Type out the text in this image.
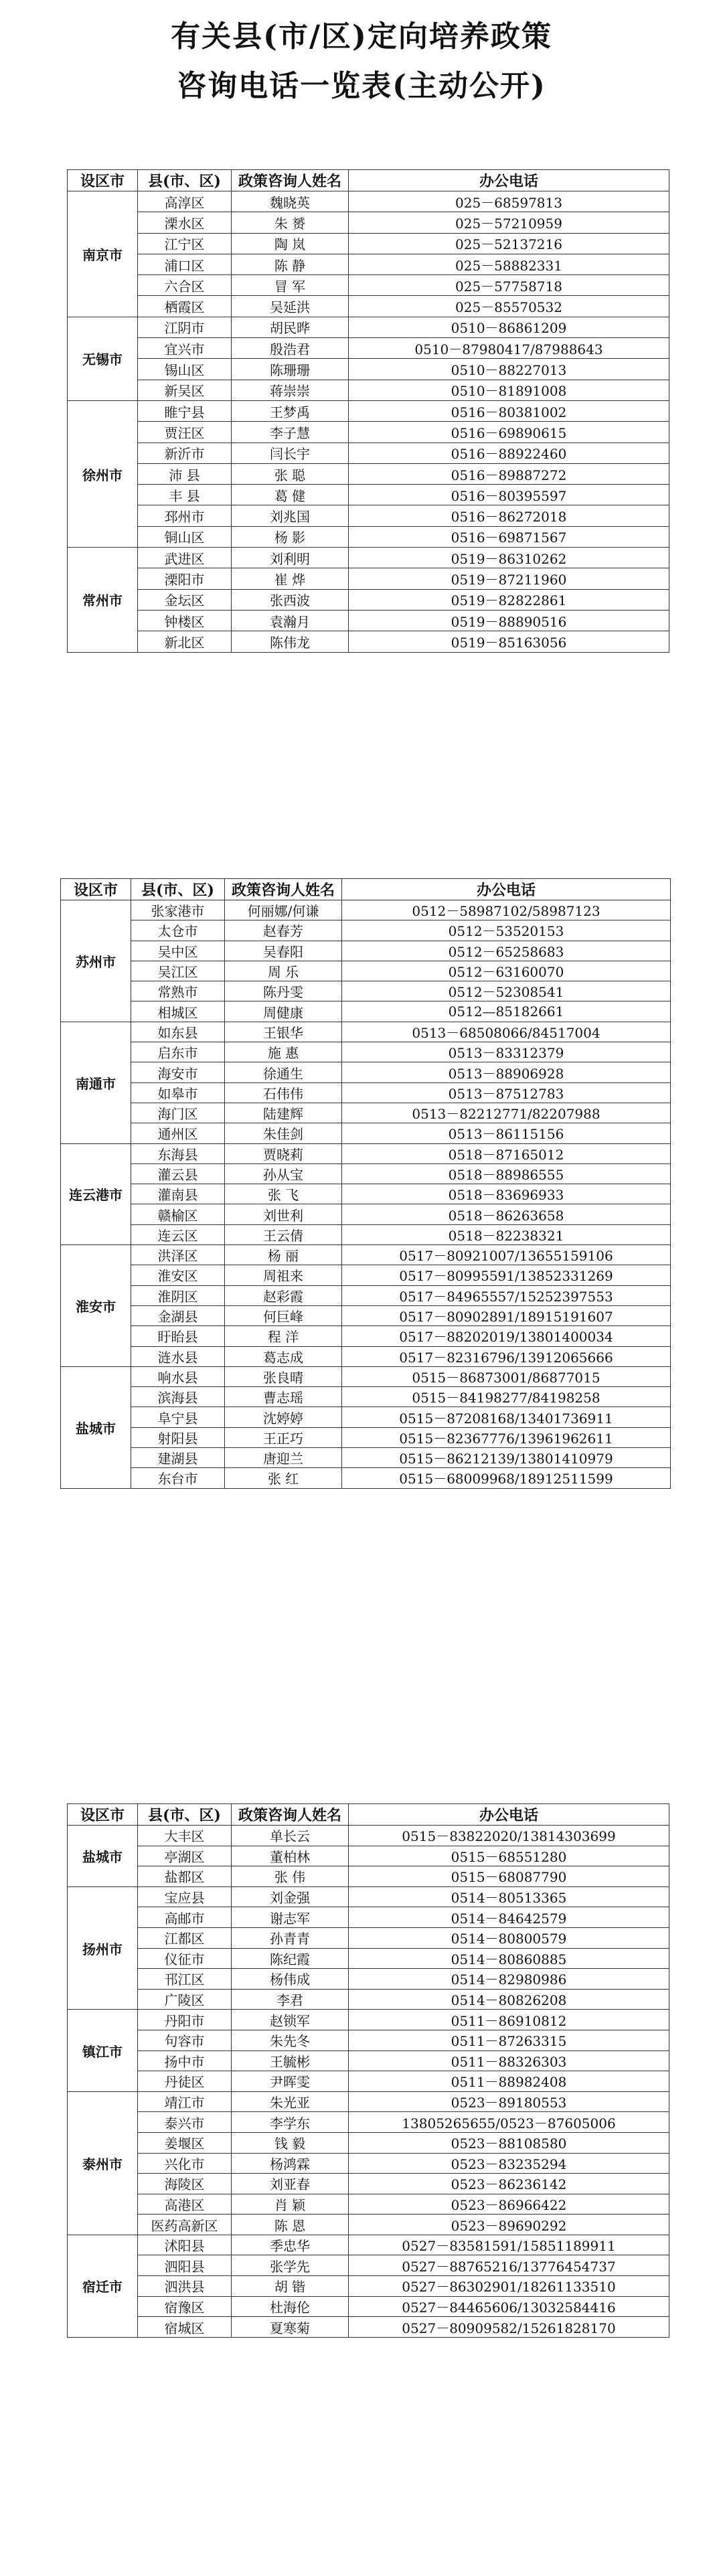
有关县(市/区)定向培养政策
咨询电话一览表(主动公开)
设区市	县(市、区)	政策咨询人姓名	办公电话
南京市	高淳区	魏晓英	025－68597813
	溧水区	朱 赟	025－57210959
	江宁区	陶 岚	025－52137216
	浦口区	陈 静	025－58882331
	六合区	冒 军	025－57758718
	栖霞区	吴延洪	025－85570532
无锡市	江阴市	胡民晔	0510－86861209
	宜兴市	殷浩君	0510－87980417/87988643
	锡山区	陈珊珊	0510－88227013
	新吴区	蒋崇崇	0510－81891008
徐州市	睢宁县	王梦禹	0516－80381002
	贾汪区	李子慧	0516－69890615
	新沂市	闫长宇	0516－88922460
	沛 县	张 聪	0516－89887272
	丰 县	葛 健	0516－80395597
	邳州市	刘兆国	0516－86272018
	铜山区	杨 影	0516－69871567
常州市	武进区	刘利明	0519－86310262
	溧阳市	崔 烨	0519－87211960
	金坛区	张西波	0519－82822861
	钟楼区	袁瀚月	0519－88890516
	新北区	陈伟龙	0519－85163056
设区市	县(市、区)	政策咨询人姓名	办公电话
苏州市	张家港市	何丽娜/何谦	0512－58987102/58987123
	太仓市	赵春芳	0512－53520153
	吴中区	吴春阳	0512－65258683
	吴江区	周 乐	0512－63160070
	常熟市	陈丹雯	0512－52308541
	相城区	周健康	0512—85182661
南通市	如东县	王银华	0513－68508066/84517004
	启东市	施 惠	0513－83312379
	海安市	徐通生	0513－88906928
	如皋市	石伟伟	0513－87512783
	海门区	陆建辉	0513－82212771/82207988
	通州区	朱佳剑	0513－86115156
连云港市	东海县	贾晓莉	0518－87165012
	灌云县	孙从宝	0518－88986555
	灌南县	张 飞	0518－83696933
	赣榆区	刘世利	0518－86263658
	连云区	王云倩	0518－82238321
淮安市	洪泽区	杨 丽	0517－80921007/13655159106
	淮安区	周祖来	0517－80995591/13852331269
	淮阴区	赵彩霞	0517－84965557/15252397553
	金湖县	何巨峰	0517－80902891/18915191607
	盱眙县	程 洋	0517－88202019/13801400034
	涟水县	葛志成	0517－82316796/13912065666
盐城市	响水县	张良晴	0515－86873001/86877015
	滨海县	曹志瑶	0515－84198277/84198258
	阜宁县	沈婷婷	0515－87208168/13401736911
	射阳县	王正巧	0515－82367776/13961962611
	建湖县	唐迎兰	0515－86212139/13801410979
	东台市	张 红	0515－68009968/18912511599
设区市	县(市、区)	政策咨询人姓名	办公电话
盐城市	大丰区	单长云	0515－83822020/13814303699
	亭湖区	董柏林	0515－68551280
	盐都区	张 伟	0515－68087790
扬州市	宝应县	刘金强	0514－80513365
	高邮市	谢志军	0514－84642579
	江都区	孙青青	0514－80800579
	仪征市	陈纪霞	0514－80860885
	邗江区	杨伟成	0514－82980986
	广陵区	李君	0514－80826208
镇江市	丹阳市	赵锁军	0511－86910812
	句容市	朱先冬	0511－87263315
	扬中市	王毓彬	0511－88326303
	丹徒区	尹晖雯	0511－88982408
泰州市	靖江市	朱光亚	0523－89180553
	泰兴市	李学东	13805265655/0523－87605006
	姜堰区	钱 毅	0523－88108580
	兴化市	杨鸿霖	0523－83235294
	海陵区	刘亚春	0523－86236142
	高港区	肖 颖	0523－86966422
	医药高新区	陈 恩	0523－89690292
宿迁市	沭阳县	季忠华	0527－83581591/15851189911
	泗阳县	张学先	0527－88765216/13776454737
	泗洪县	胡 锴	0527－86302901/18261133510
	宿豫区	杜海伦	0527－84465606/13032584416
	宿城区	夏寒菊	0527－80909582/15261828170
